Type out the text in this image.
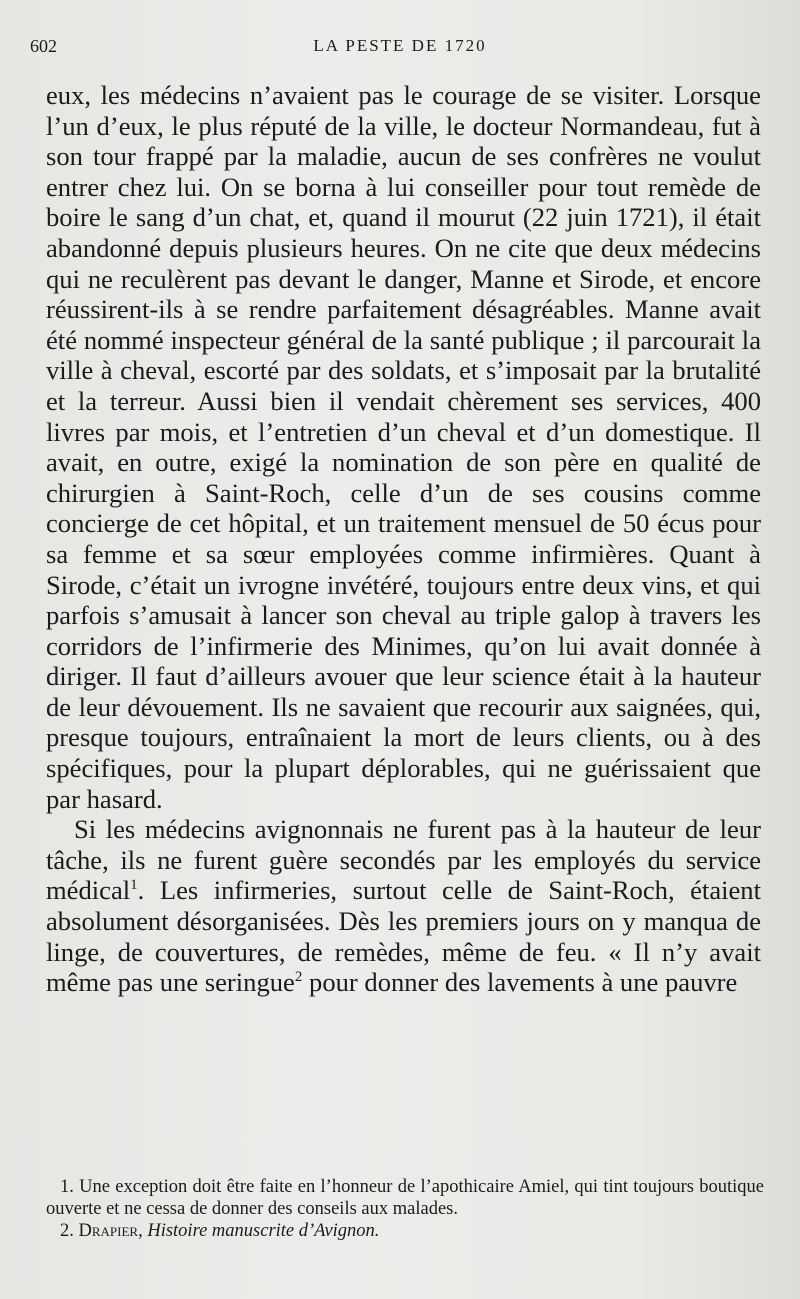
602	LA PESTE DE 1720

eux, les médecins n’avaient pas le courage de se visiter. Lorsque l’un d’eux, le plus réputé de la ville, le docteur Normandeau, fut à son tour frappé par la maladie, aucun de ses confrères ne voulut entrer chez lui. On se borna à lui conseiller pour tout remède de boire le sang d’un chat, et, quand il mourut (22 juin 1721), il était abandonné depuis plusieurs heures. On ne cite que deux médecins qui ne reculèrent pas devant le danger, Manne et Sirode, et encore réussirent-ils à se rendre parfaitement désagréables. Manne avait été nommé inspecteur général de la santé publique ; il parcourait la ville à cheval, escorté par des soldats, et s’imposait par la brutalité et la terreur. Aussi bien il vendait chèrement ses services, 400 livres par mois, et l’entretien d’un cheval et d’un domestique. Il avait, en outre, exigé la nomination de son père en qualité de chirurgien à Saint-Roch, celle d’un de ses cousins comme concierge de cet hôpital, et un traitement mensuel de 50 écus pour sa femme et sa sœur employées comme infirmières. Quant à Sirode, c’était un ivrogne invétéré, toujours entre deux vins, et qui parfois s’amusait à lancer son cheval au triple galop à travers les corridors de l’infirmerie des Minimes, qu’on lui avait donnée à diriger. Il faut d’ailleurs avouer que leur science était à la hauteur de leur dévouement. Ils ne savaient que recourir aux saignées, qui, presque toujours, entraînaient la mort de leurs clients, ou à des spécifiques, pour la plupart déplorables, qui ne guérissaient que par hasard.

Si les médecins avignonnais ne furent pas à la hauteur de leur tâche, ils ne furent guère secondés par les employés du service médical$^1$. Les infirmeries, surtout celle de Saint-Roch, étaient absolument désorganisées. Dès les premiers jours on y manqua de linge, de couvertures, de remèdes, même de feu. « Il n’y avait même pas une seringue$^2$ pour donner des lavements à une pauvre

1. Une exception doit être faite en l’honneur de l’apothicaire Amiel, qui tint toujours boutique ouverte et ne cessa de donner des conseils aux malades.

2. Drapier, Histoire manuscrite d’Avignon.
